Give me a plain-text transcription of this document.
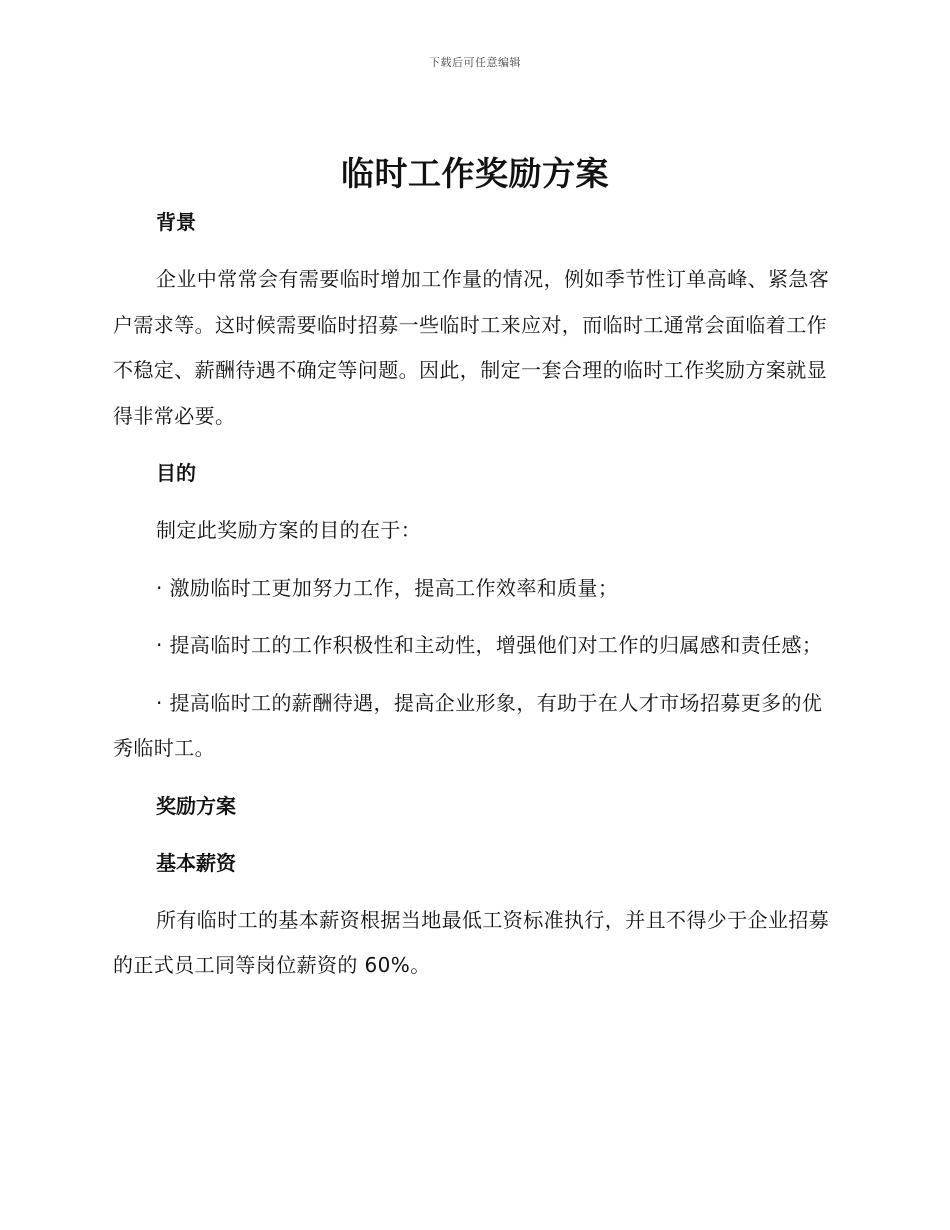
下载后可任意编辑
临时工作奖励方案
背景

企业中常常会有需要临时增加工作量的情况，例如季节性订单高峰、紧急客户需求等。这时候需要临时招募一些临时工来应对，而临时工通常会面临着工作不稳定、薪酬待遇不确定等问题。因此，制定一套合理的临时工作奖励方案就显得非常必要。

目的

制定此奖励方案的目的在于：

· 激励临时工更加努力工作，提高工作效率和质量；

· 提高临时工的工作积极性和主动性，增强他们对工作的归属感和责任感；

· 提高临时工的薪酬待遇，提高企业形象，有助于在人才市场招募更多的优秀临时工。

奖励方案
基本薪资

所有临时工的基本薪资根据当地最低工资标准执行，并且不得少于企业招募的正式员工同等岗位薪资的 60%。
